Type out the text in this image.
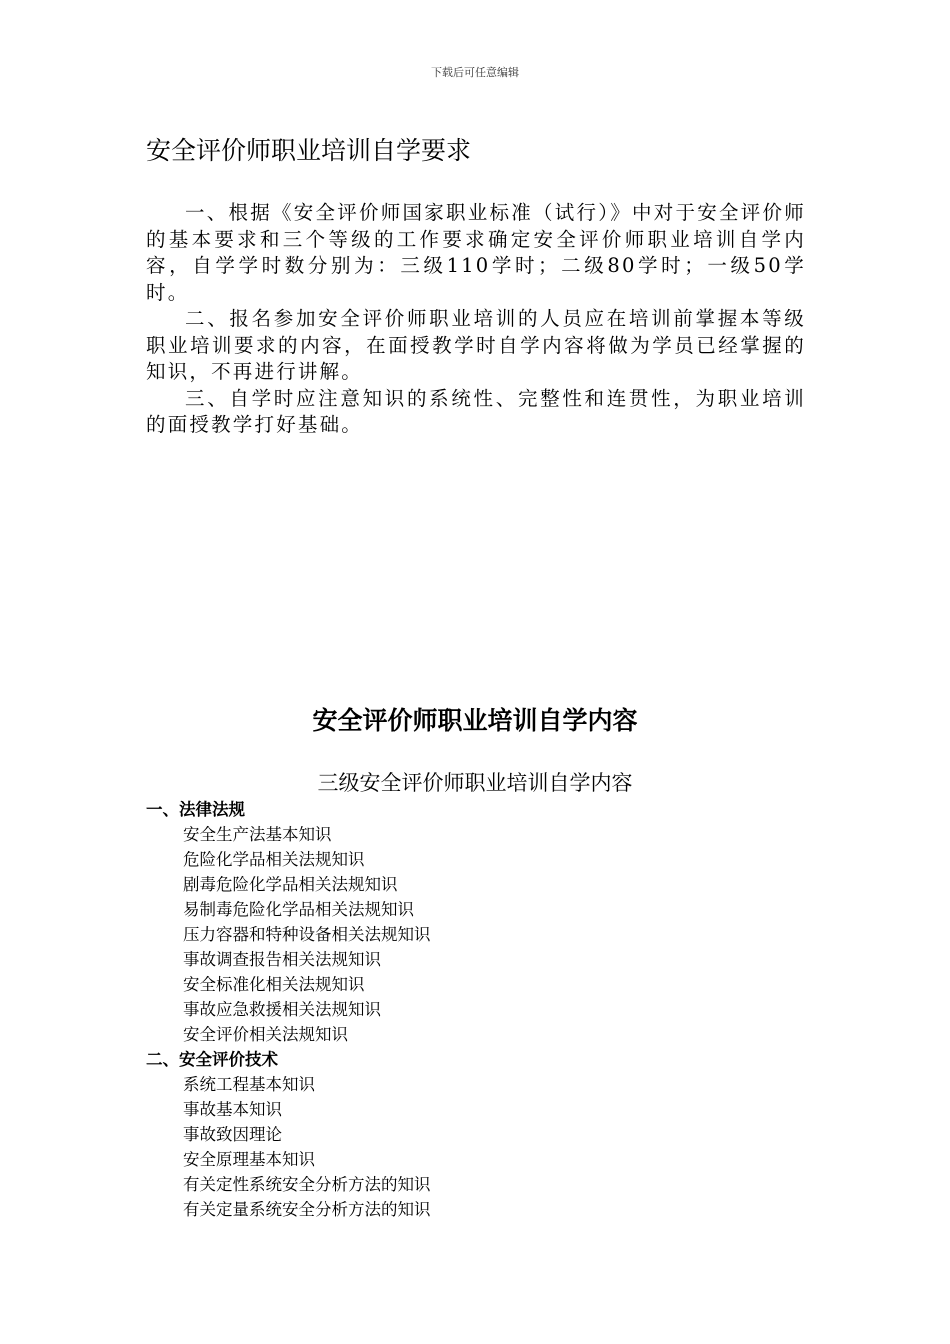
下载后可任意编辑
安全评价师职业培训自学要求

一、根据《安全评价师国家职业标准（试行）》中对于安全评价师的基本要求和三个等级的工作要求确定安全评价师职业培训自学内容，自学学时数分别为：三级110学时；二级80学时；一级50学时。

二、报名参加安全评价师职业培训的人员应在培训前掌握本等级职业培训要求的内容，在面授教学时自学内容将做为学员已经掌握的知识，不再进行讲解。

三、自学时应注意知识的系统性、完整性和连贯性，为职业培训的面授教学打好基础。

安全评价师职业培训自学内容
三级安全评价师职业培训自学内容
一、法律法规
安全生产法基本知识
危险化学品相关法规知识
剧毒危险化学品相关法规知识
易制毒危险化学品相关法规知识
压力容器和特种设备相关法规知识
事故调查报告相关法规知识
安全标准化相关法规知识
事故应急救援相关法规知识
安全评价相关法规知识
二、安全评价技术
系统工程基本知识
事故基本知识
事故致因理论
安全原理基本知识
有关定性系统安全分析方法的知识
有关定量系统安全分析方法的知识
